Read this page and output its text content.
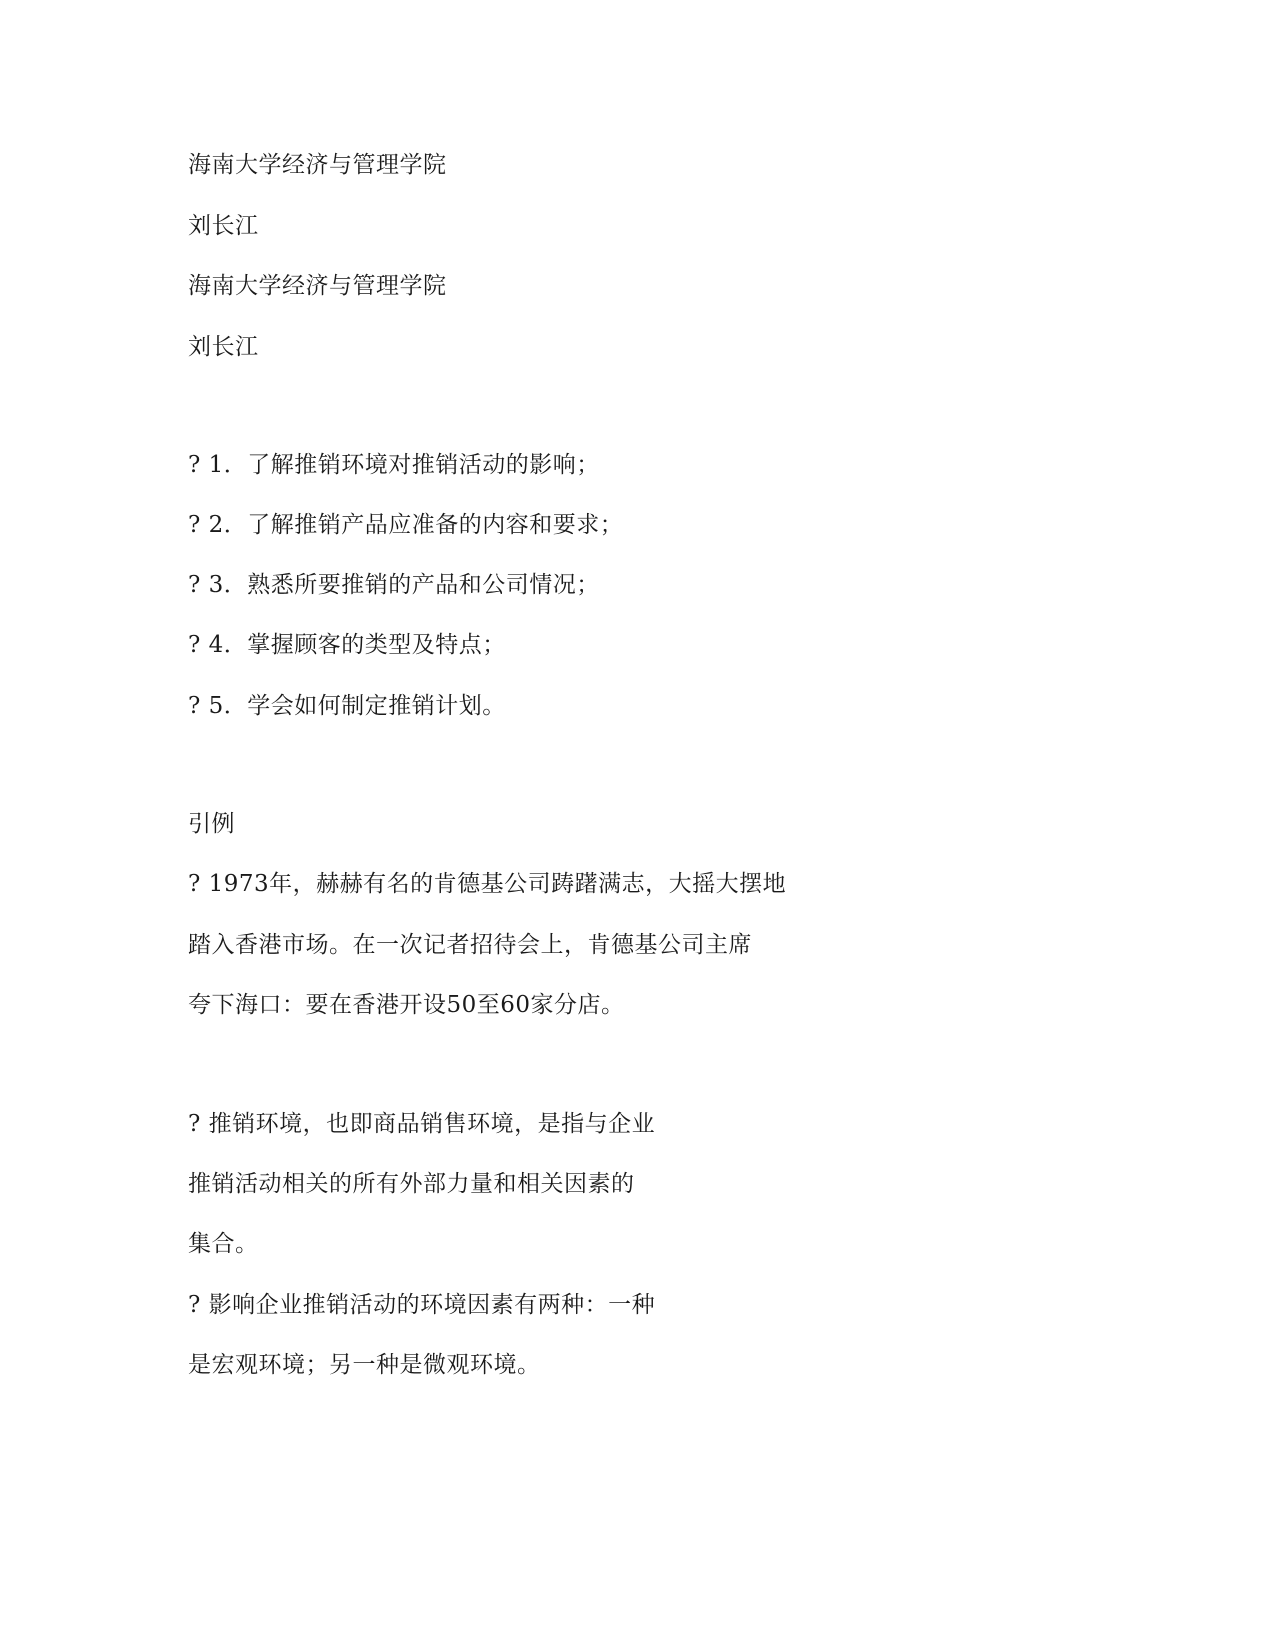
海南大学经济与管理学院
刘长江
海南大学经济与管理学院
刘长江
? 1．了解推销环境对推销活动的影响；
? 2．了解推销产品应准备的内容和要求；
? 3．熟悉所要推销的产品和公司情况；
? 4．掌握顾客的类型及特点；
? 5．学会如何制定推销计划。
引例
? 1973年，赫赫有名的肯德基公司踌躇满志，大摇大摆地
踏入香港市场。在一次记者招待会上，肯德基公司主席
夸下海口：要在香港开设50至60家分店。
? 推销环境，也即商品销售环境，是指与企业
推销活动相关的所有外部力量和相关因素的
集合。
? 影响企业推销活动的环境因素有两种：一种
是宏观环境；另一种是微观环境。
